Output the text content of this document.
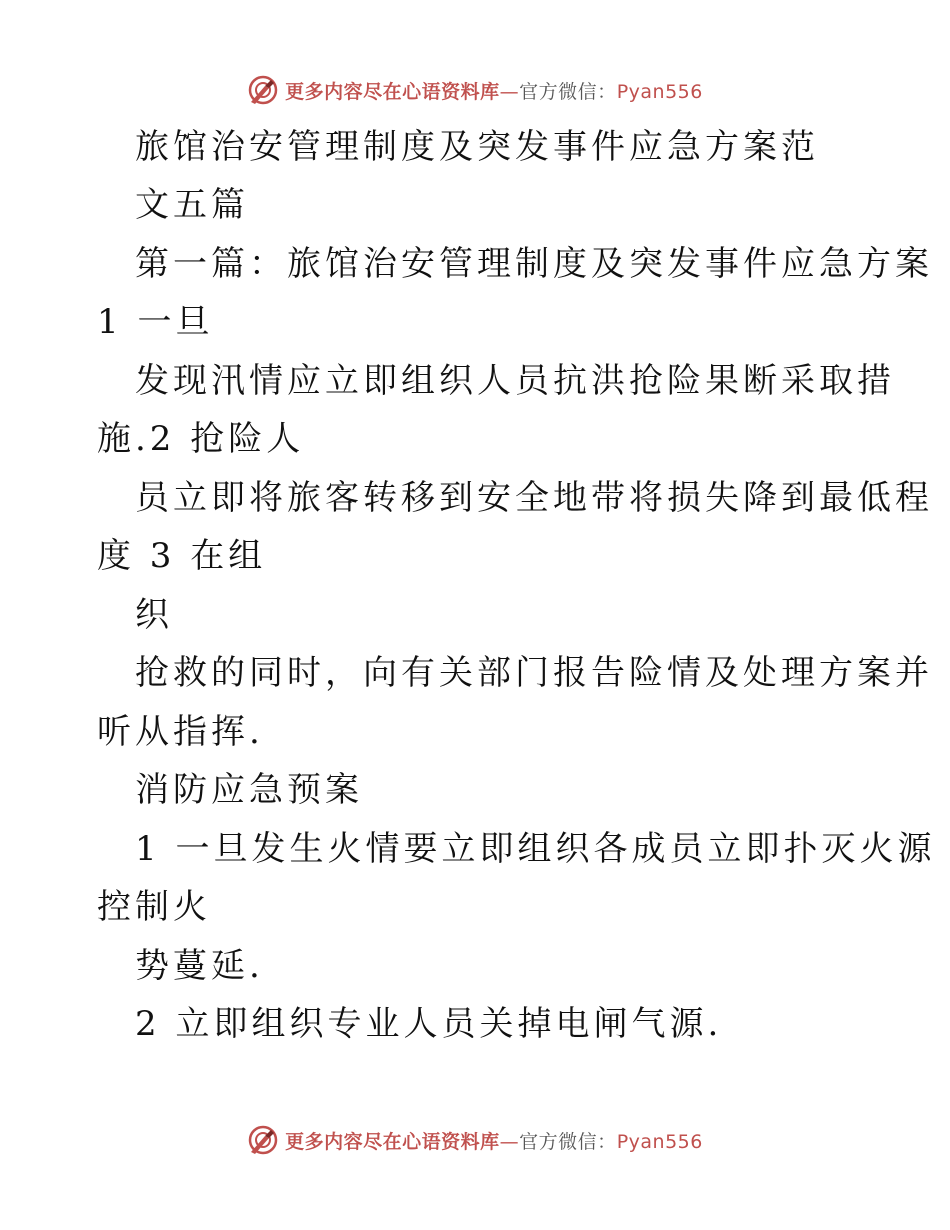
更多内容尽在心语资料库—官方微信：Pyan556
旅馆治安管理制度及突发事件应急方案范
文五篇
第一篇：旅馆治安管理制度及突发事件应急方案
1 一旦
发现汛情应立即组织人员抗洪抢险果断采取措
施.2 抢险人
员立即将旅客转移到安全地带将损失降到最低程
度 3 在组
织
抢救的同时，向有关部门报告险情及处理方案并
听从指挥.
消防应急预案
1 一旦发生火情要立即组织各成员立即扑灭火源
控制火
势蔓延.
2 立即组织专业人员关掉电闸气源.
更多内容尽在心语资料库—官方微信：Pyan556
